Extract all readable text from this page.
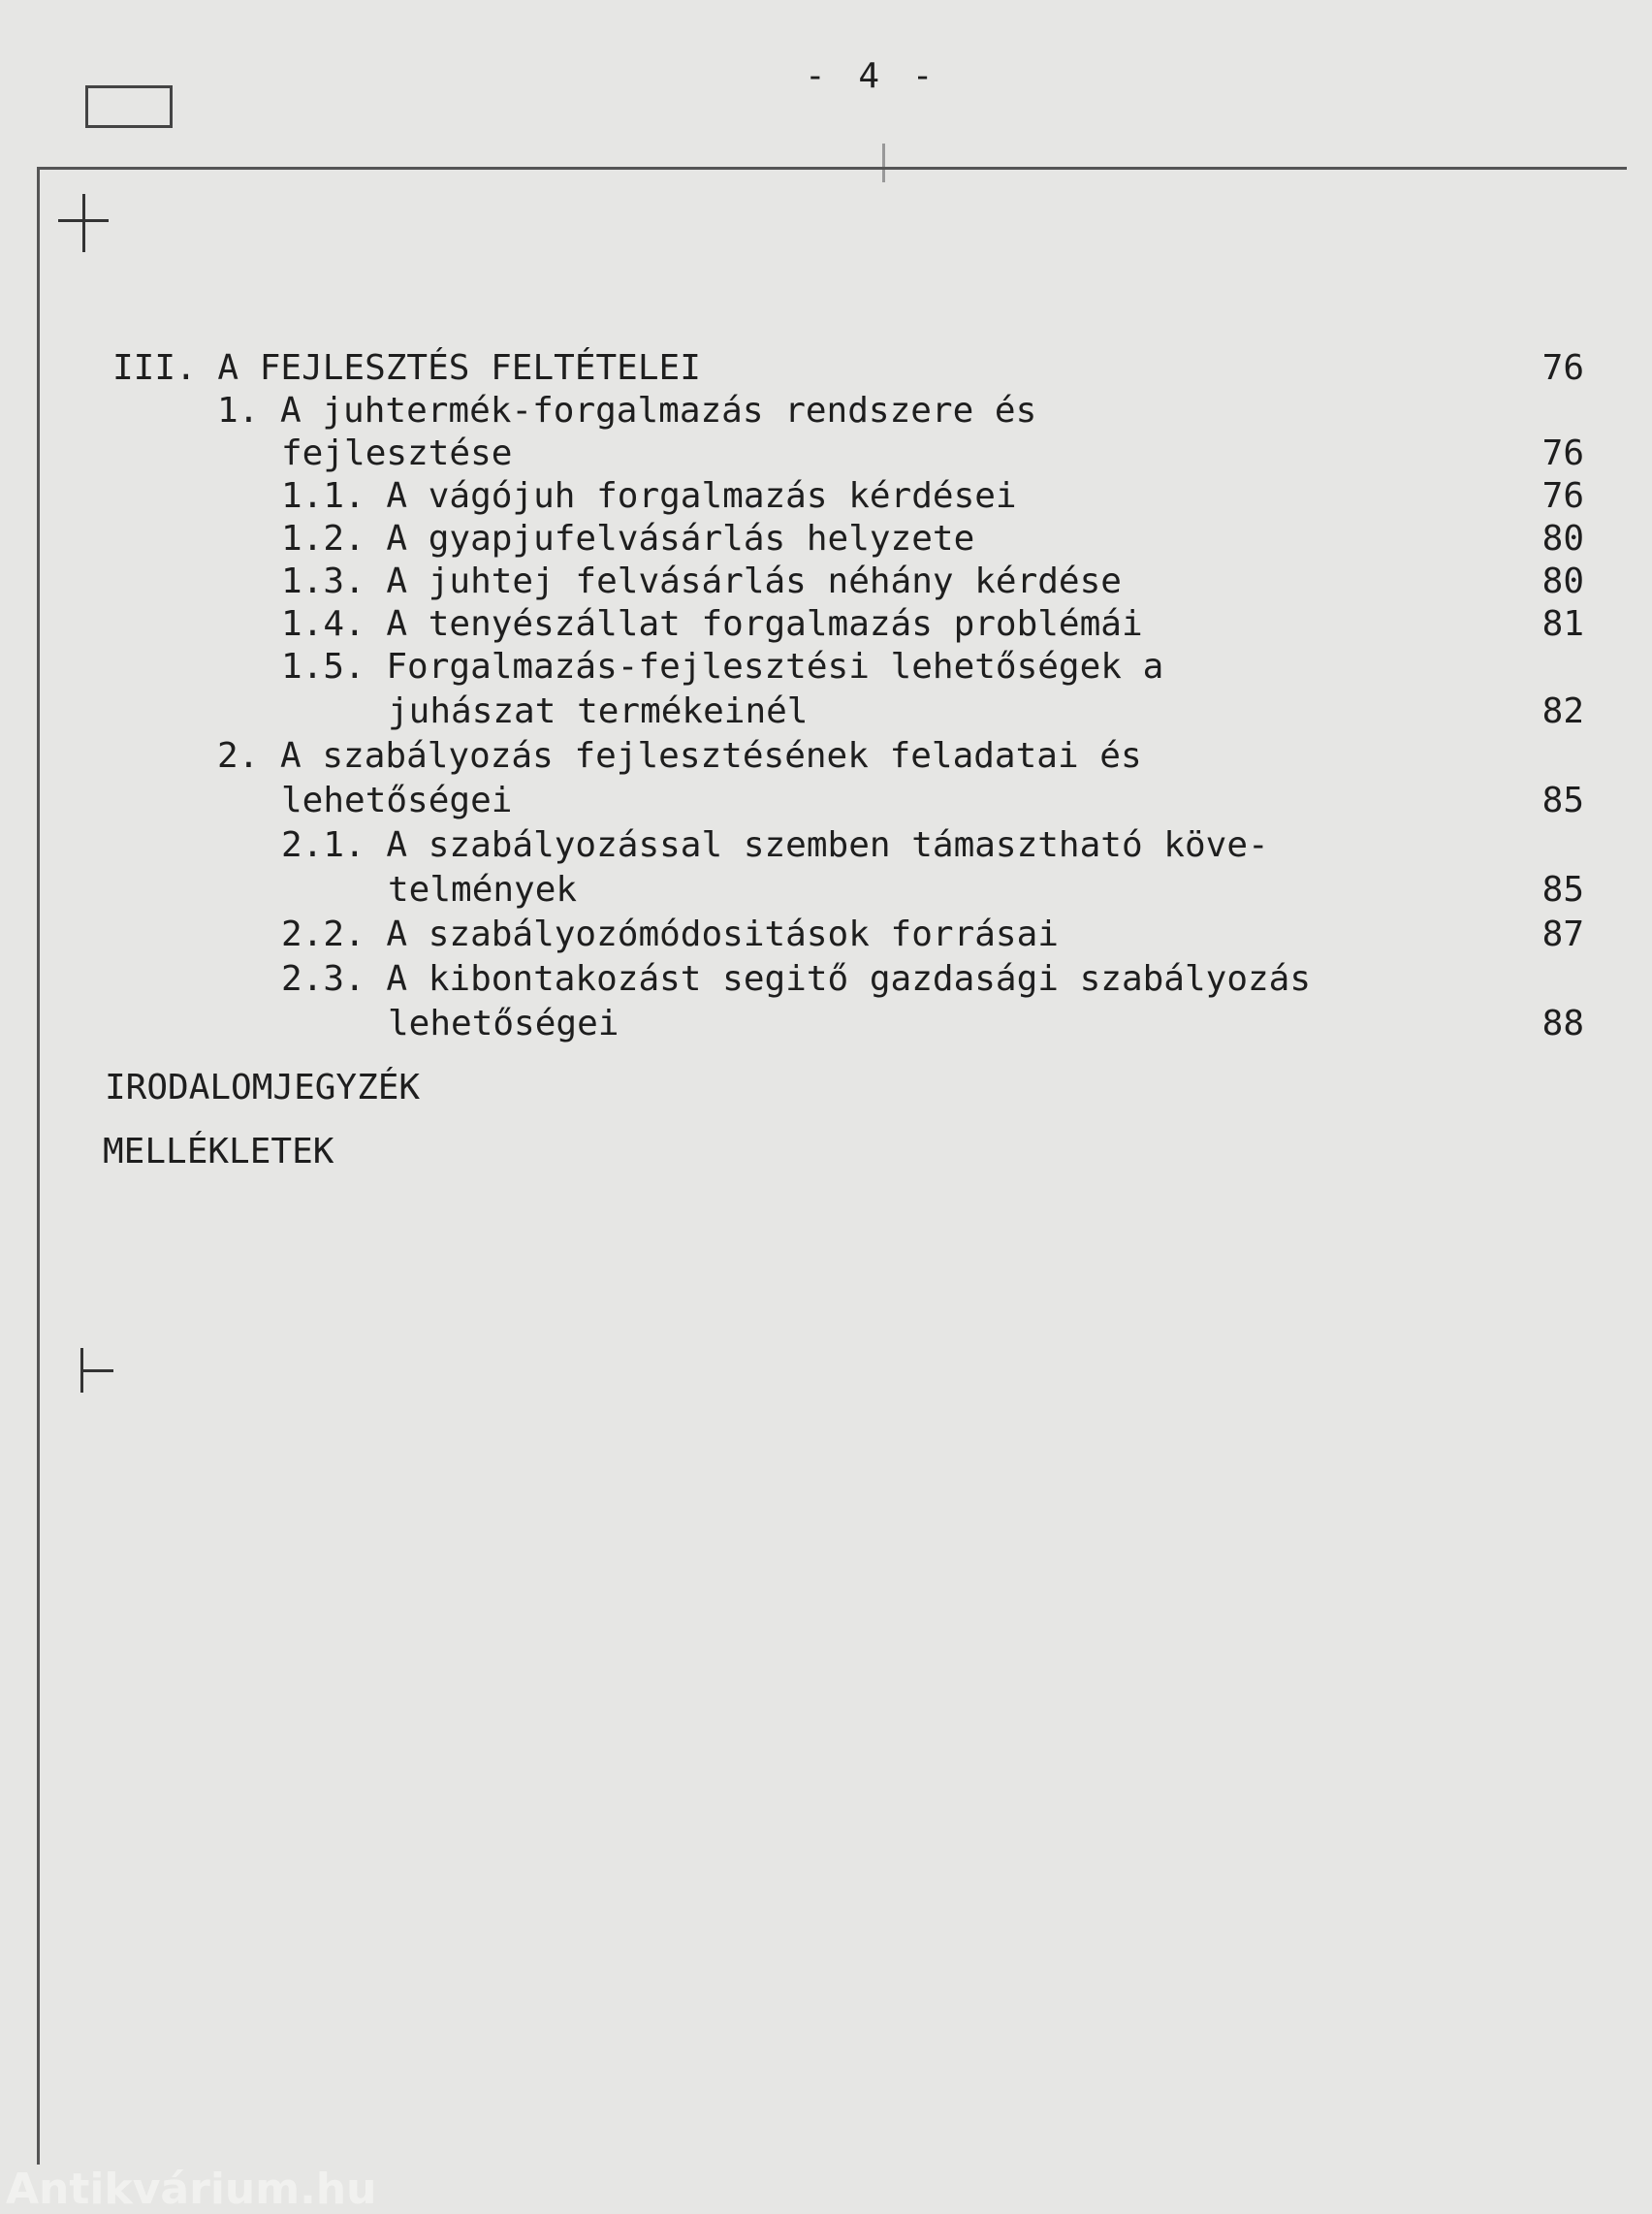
- 4 -
III. A FEJLESZTÉS FELTÉTELEI	76
1. A juhtermék-forgalmazás rendszere és
fejlesztése	76
1.1. A vágójuh forgalmazás kérdései	76
1.2. A gyapjufelvásárlás helyzete	80
1.3. A juhtej felvásárlás néhány kérdése	80
1.4. A tenyészállat forgalmazás problémái	81
1.5. Forgalmazás-fejlesztési lehetőségek a
juhászat termékeinél	82
2. A szabályozás fejlesztésének feladatai és
lehetőségei	85
2.1. A szabályozással szemben támasztható köve-
telmények	85
2.2. A szabályozómódositások forrásai	87
2.3. A kibontakozást segitő gazdasági szabályozás
lehetőségei	88
IRODALOMJEGYZÉK
MELLÉKLETEK
Antikvárium.hu
